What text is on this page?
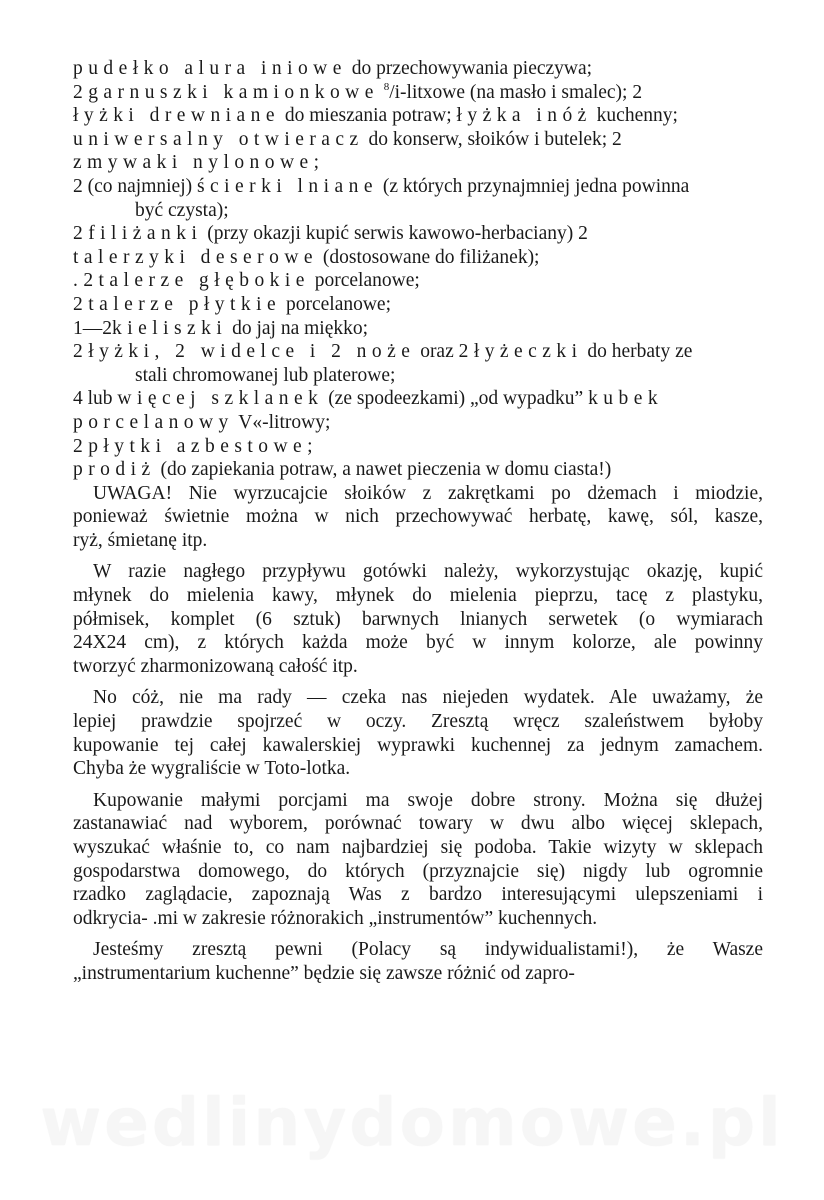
pudełko alura iniowe do przechowywania pieczywa;
2garnuszki kamionkowe $^8$/i-litxowe (na masło i smalec); 2
łyżki drewniane do mieszania potraw; łyżka inóż kuchenny;
uniwersalny otwieracz do konserw, słoików i butelek; 2
zmywaki nylonowe;
2 (co najmniej) ścierki lniane (z których przynajmniej jedna powinna
być czysta);
2filiżanki (przy okazji kupić serwis kawowo-herbaciany) 2
talerzyki deserowe (dostosowane do filiżanek);
.2talerze głębokie porcelanowe;
2talerze płytkie porcelanowe;
1—2kieliszki do jaj na miękko;
2łyżki, 2 widelce i 2 noże oraz 2łyżeczki do herbaty ze
stali chromowanej lub platerowe;
4 lub więcej szklanek (ze spodeezkami) „od wypadku” kubek
porcelanowy V«-litrowy;
2płytki azbestowe;
prodiż (do zapiekania potraw, a nawet pieczenia w domu ciasta!)

UWAGA! Nie wyrzucajcie słoików z zakrętkami po dżemach i miodzie,
ponieważ świetnie można w nich przechowywać herbatę, kawę, sól, kasze,
ryż, śmietanę itp.

W razie nagłego przypływu gotówki należy, wykorzystując okazję, kupić
młynek do mielenia kawy, młynek do mielenia pieprzu, tacę z plastyku,
półmisek, komplet (6 sztuk) barwnych lnianych serwetek (o wymiarach
24X24 cm), z których każda może być w innym kolorze, ale powinny
tworzyć zharmonizowaną całość itp.

No cóż, nie ma rady — czeka nas niejeden wydatek. Ale uważamy, że
lepiej prawdzie spojrzeć w oczy. Zresztą wręcz szaleństwem byłoby
kupowanie tej całej kawalerskiej wyprawki kuchennej za jednym zamachem.
Chyba że wygraliście w Toto-lotka.

Kupowanie małymi porcjami ma swoje dobre strony. Można się dłużej
zastanawiać nad wyborem, porównać towary w dwu albo więcej sklepach,
wyszukać właśnie to, co nam najbardziej się podoba. Takie wizyty w sklepach
gospodarstwa domowego, do których (przyznajcie się) nigdy lub ogromnie
rzadko zaglądacie, zapoznają Was z bardzo interesującymi ulepszeniami i
odkrycia- .mi w zakresie różnorakich „instrumentów” kuchennych.

Jesteśmy zresztą pewni (Polacy są indywidualistami!), że Wasze
„instrumentarium kuchenne” będzie się zawsze różnić od zapro-

wedlinydomowe.pl
